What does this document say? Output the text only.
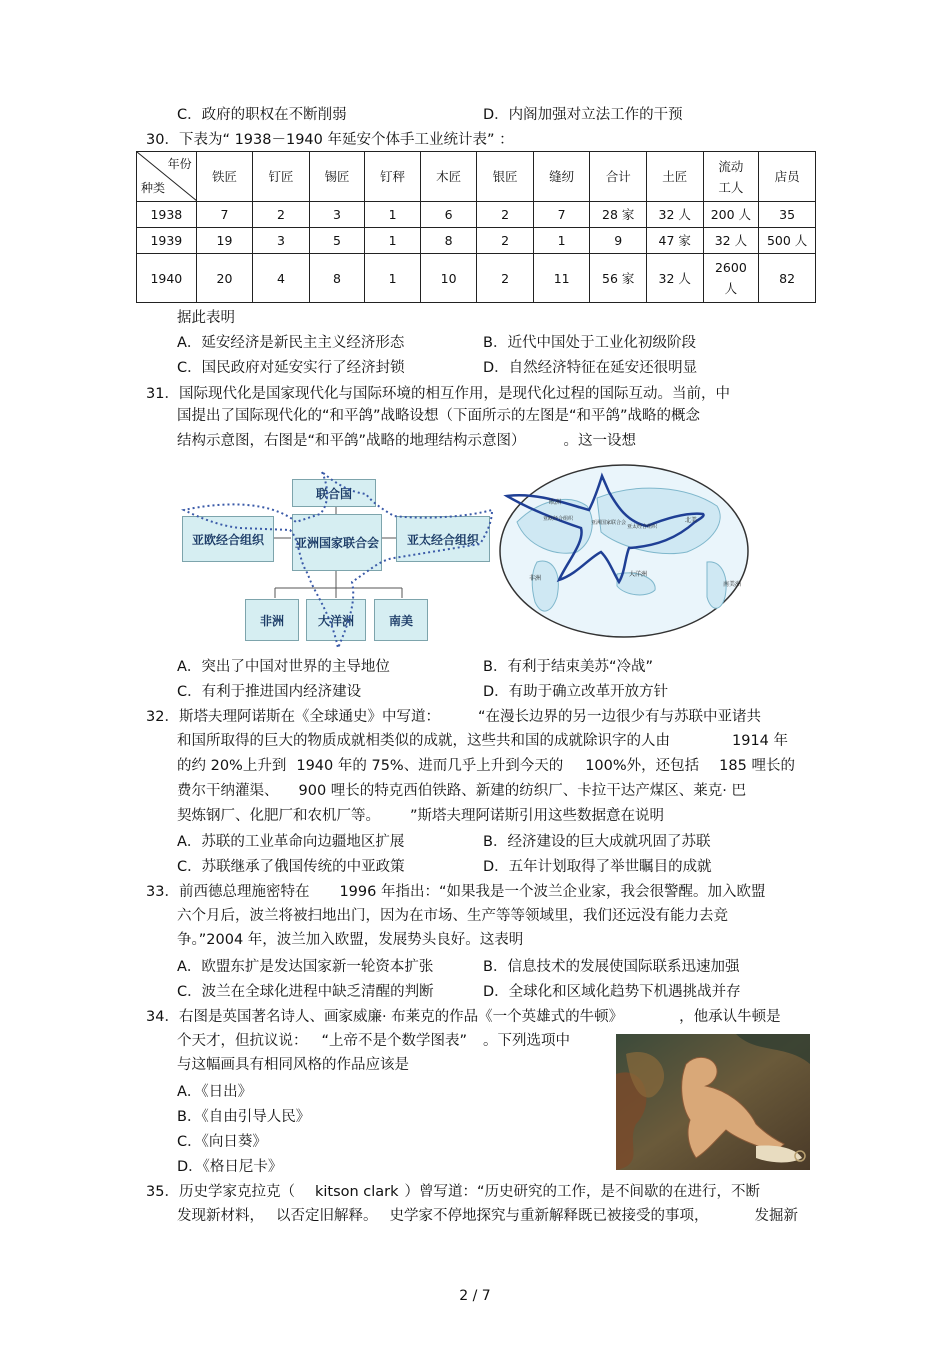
C．政府的职权在不断削弱	D．内阁加强对立法工作的干预
30．下表为“ 1938－1940 年延安个体手工业统计表” ：
年份
种类	铁匠	钉匠	锡匠	钉秤	木匠	银匠	缝纫	合计	土匠	流动
工人	店员
1938	7	2	3	1	6	2	7	28 家	32 人	200 人	35
1939	19	3	5	1	8	2	1	9	47 家	32 人	500 人
1940	20	4	8	1	10	2	11	56 家	32 人	2600
人	82
据此表明
A．延安经济是新民主主义经济形态	B．近代中国处于工业化初级阶段
C．国民政府对延安实行了经济封锁	D．自然经济特征在延安还很明显
31．国际现代化是国家现代化与国际环境的相互作用，是现代化过程的国际互动。当前，中
国提出了国际现代化的“和平鸽”战略设想（下面所示的左图是“和平鸽”战略的概念
结构示意图，右图是“和平鸽”战略的地理结构示意图）	。这一设想
联合国
亚欧经合组织	亚洲国家联合会	亚太经合组织
非洲	大洋洲	南美
欧洲
亚欧经合组织
亚洲国家联合会
亚太经合组织
北美
非洲
大洋洲
南美洲
A．突出了中国对世界的主导地位	B．有利于结束美苏“冷战”
C．有利于推进国内经济建设	D．有助于确立改革开放方针
32．斯塔夫理阿诺斯在《全球通史》中写道：	“在漫长边界的另一边很少有与苏联中亚诸共
和国所取得的巨大的物质成就相类似的成就，这些共和国的成就除识字的人由	1914 年
的约 20%上升到 1940 年的 75%、进而几乎上升到今天的 100%外，还包括 185 哩长的
费尔干纳灌渠、 900 哩长的特克西伯铁路、新建的纺织厂、卡拉干达产煤区、莱克· 巴
契炼钢厂、化肥厂和农机厂等。 ”斯塔夫理阿诺斯引用这些数据意在说明
A．苏联的工业革命向边疆地区扩展	B．经济建设的巨大成就巩固了苏联
C．苏联继承了俄国传统的中亚政策	D．五年计划取得了举世瞩目的成就
33．前西德总理施密特在 1996 年指出：“如果我是一个波兰企业家，我会很警醒。加入欧盟
六个月后，波兰将被扫地出门，因为在市场、生产等等领域里，我们还远没有能力去竞
争。”2004 年，波兰加入欧盟，发展势头良好。这表明
A．欧盟东扩是发达国家新一轮资本扩张	B．信息技术的发展使国际联系迅速加强
C．波兰在全球化进程中缺乏清醒的判断	D．全球化和区域化趋势下机遇挑战并存
34．右图是英国著名诗人、画家威廉· 布莱克的作品《一个英雄式的牛顿》	，他承认牛顿是
个天才，但抗议说： “上帝不是个数学图表” 。下列选项中
与这幅画具有相同风格的作品应该是
A．《日出》
B．《自由引导人民》
C．《向日葵》
D．《格日尼卡》
35．历史学家克拉克（ kitson clark ）曾写道：“历史研究的工作，是不间歇的在进行，不断
发现新材料， 以否定旧解释。 史学家不停地探究与重新解释既已被接受的事项，	发掘新
2 / 7
